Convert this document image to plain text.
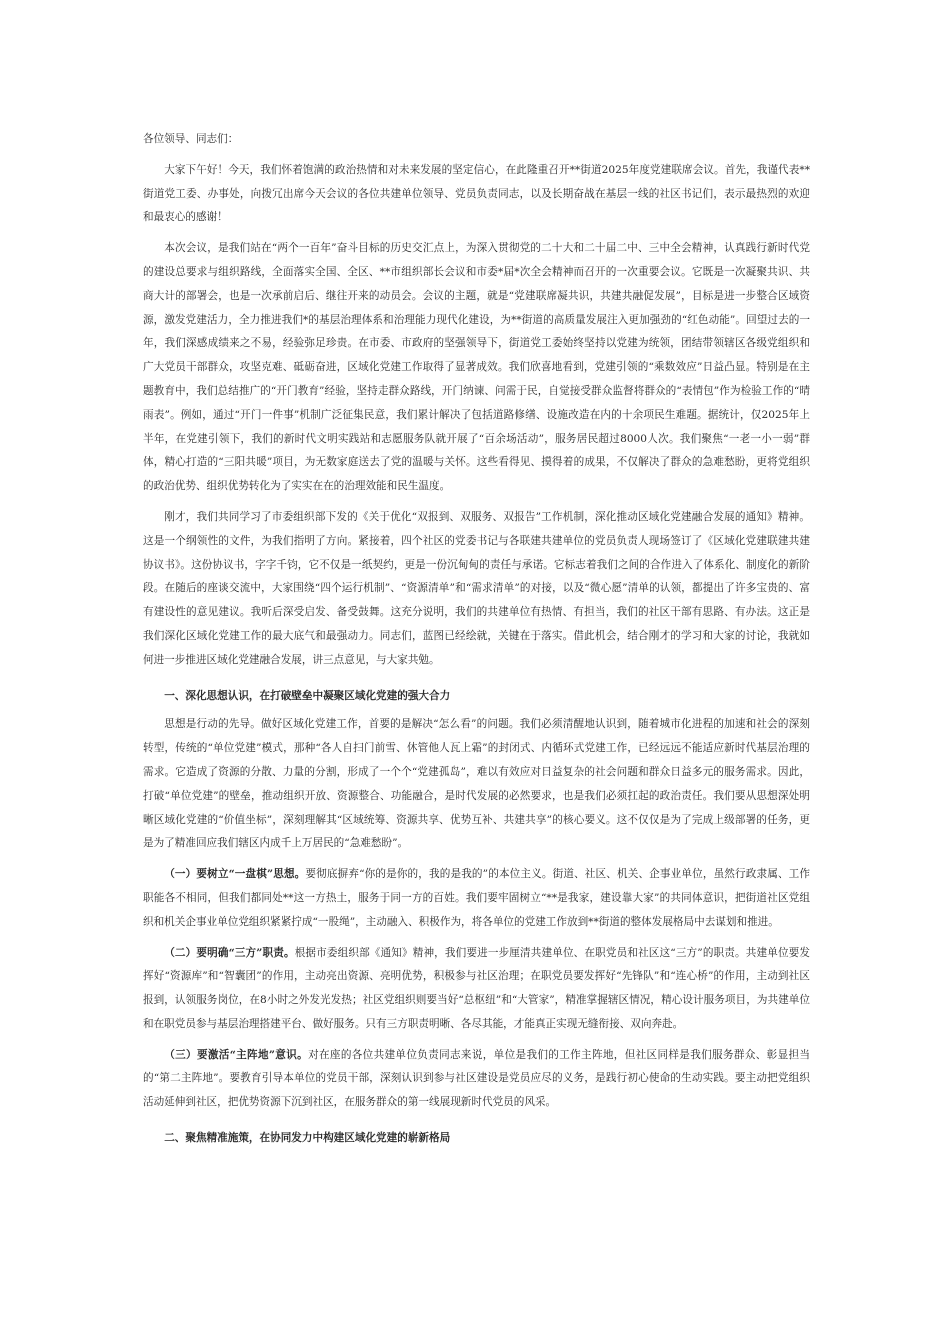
各位领导、同志们：

大家下午好！今天，我们怀着饱满的政治热情和对未来发展的坚定信心，在此隆重召开**街道2025年度党建联席会议。首先，我谨代表**街道党工委、办事处，向拨冗出席今天会议的各位共建单位领导、党员负责同志，以及长期奋战在基层一线的社区书记们，表示最热烈的欢迎和最衷心的感谢！

本次会议，是我们站在“两个一百年”奋斗目标的历史交汇点上，为深入贯彻党的二十大和二十届二中、三中全会精神，认真践行新时代党的建设总要求与组织路线，全面落实全国、全区、**市组织部长会议和市委*届*次全会精神而召开的一次重要会议。它既是一次凝聚共识、共商大计的部署会，也是一次承前启后、继往开来的动员会。会议的主题，就是“党建联席凝共识，共建共融促发展”，目标是进一步整合区域资源，激发党建活力，全力推进我们*的基层治理体系和治理能力现代化建设，为**街道的高质量发展注入更加强劲的“红色动能”。回望过去的一年，我们深感成绩来之不易，经验弥足珍贵。在市委、市政府的坚强领导下，街道党工委始终坚持以党建为统领，团结带领辖区各级党组织和广大党员干部群众，攻坚克难、砥砺奋进，区域化党建工作取得了显著成效。我们欣喜地看到，党建引领的“乘数效应”日益凸显。特别是在主题教育中，我们总结推广的“开门教育”经验，坚持走群众路线，开门纳谏、问需于民，自觉接受群众监督将群众的“表情包”作为检验工作的“晴雨表”。例如，通过“开门一件事”机制广泛征集民意，我们累计解决了包括道路修缮、设施改造在内的十余项民生难题。据统计，仅2025年上半年，在党建引领下，我们的新时代文明实践站和志愿服务队就开展了“百余场活动”，服务居民超过8000人次。我们聚焦“一老一小一弱”群体，精心打造的“三阳共暖”项目，为无数家庭送去了党的温暖与关怀。这些看得见、摸得着的成果，不仅解决了群众的急难愁盼，更将党组织的政治优势、组织优势转化为了实实在在的治理效能和民生温度。

刚才，我们共同学习了市委组织部下发的《关于优化“双报到、双服务、双报告”工作机制，深化推动区域化党建融合发展的通知》精神。这是一个纲领性的文件，为我们指明了方向。紧接着，四个社区的党委书记与各联建共建单位的党员负责人现场签订了《区域化党建联建共建协议书》。这份协议书，字字千钧，它不仅是一纸契约，更是一份沉甸甸的责任与承诺。它标志着我们之间的合作进入了体系化、制度化的新阶段。在随后的座谈交流中，大家围绕“四个运行机制”、“资源清单”和“需求清单”的对接，以及“微心愿”清单的认领，都提出了许多宝贵的、富有建设性的意见建议。我听后深受启发、备受鼓舞。这充分说明，我们的共建单位有热情、有担当，我们的社区干部有思路、有办法。这正是我们深化区域化党建工作的最大底气和最强动力。同志们，蓝图已经绘就，关键在于落实。借此机会，结合刚才的学习和大家的讨论，我就如何进一步推进区域化党建融合发展，讲三点意见，与大家共勉。

一、深化思想认识，在打破壁垒中凝聚区域化党建的强大合力

思想是行动的先导。做好区域化党建工作，首要的是解决“怎么看”的问题。我们必须清醒地认识到，随着城市化进程的加速和社会的深刻转型，传统的“单位党建”模式，那种“各人自扫门前雪、休管他人瓦上霜”的封闭式、内循环式党建工作，已经远远不能适应新时代基层治理的需求。它造成了资源的分散、力量的分割，形成了一个个“党建孤岛”，难以有效应对日益复杂的社会问题和群众日益多元的服务需求。因此，打破“单位党建”的壁垒，推动组织开放、资源整合、功能融合，是时代发展的必然要求，也是我们必须扛起的政治责任。我们要从思想深处明晰区域化党建的“价值坐标”，深刻理解其“区域统筹、资源共享、优势互补、共建共享”的核心要义。这不仅仅是为了完成上级部署的任务，更是为了精准回应我们辖区内成千上万居民的“急难愁盼”。

（一）要树立“一盘棋”思想。要彻底摒弃“你的是你的，我的是我的”的本位主义。街道、社区、机关、企事业单位，虽然行政隶属、工作职能各不相同，但我们都同处**这一方热土，服务于同一方的百姓。我们要牢固树立“**是我家，建设靠大家”的共同体意识，把街道社区党组织和机关企事业单位党组织紧紧拧成“一股绳”，主动融入、积极作为，将各单位的党建工作放到**街道的整体发展格局中去谋划和推进。

（二）要明确“三方”职责。根据市委组织部《通知》精神，我们要进一步厘清共建单位、在职党员和社区这“三方”的职责。共建单位要发挥好“资源库”和“智囊团”的作用，主动亮出资源、亮明优势，积极参与社区治理；在职党员要发挥好“先锋队”和“连心桥”的作用，主动到社区报到，认领服务岗位，在8小时之外发光发热；社区党组织则要当好“总枢纽”和“大管家”，精准掌握辖区情况，精心设计服务项目，为共建单位和在职党员参与基层治理搭建平台、做好服务。只有三方职责明晰、各尽其能，才能真正实现无缝衔接、双向奔赴。

（三）要激活“主阵地”意识。对在座的各位共建单位负责同志来说，单位是我们的工作主阵地，但社区同样是我们服务群众、彰显担当的“第二主阵地”。要教育引导本单位的党员干部，深刻认识到参与社区建设是党员应尽的义务，是践行初心使命的生动实践。要主动把党组织活动延伸到社区，把优势资源下沉到社区，在服务群众的第一线展现新时代党员的风采。

二、聚焦精准施策，在协同发力中构建区域化党建的崭新格局
